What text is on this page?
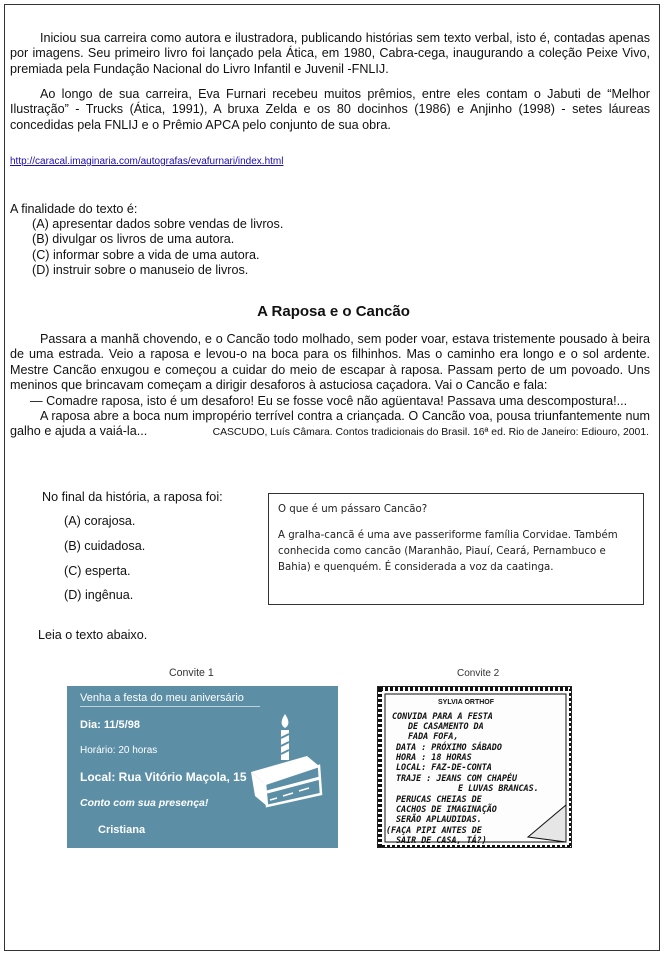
Iniciou sua carreira como autora e ilustradora, publicando histórias sem texto verbal, isto é, contadas apenas por imagens. Seu primeiro livro foi lançado pela Ática, em 1980, Cabra-cega, inaugurando a coleção Peixe Vivo, premiada pela Fundação Nacional do Livro Infantil e Juvenil -FNLIJ.
Ao longo de sua carreira, Eva Furnari recebeu muitos prêmios, entre eles contam o Jabuti de “Melhor Ilustração” - Trucks (Ática, 1991), A bruxa Zelda e os 80 docinhos (1986) e Anjinho (1998) - setes láureas concedidas pela FNLIJ e o Prêmio APCA pelo conjunto de sua obra.
http://caracal.imaginaria.com/autografas/evafurnari/index.html
A finalidade do texto é:
(A) apresentar dados sobre vendas de livros.
(B) divulgar os livros de uma autora.
(C) informar sobre a vida de uma autora.
(D) instruir sobre o manuseio de livros.
A Raposa e o Cancão

Passara a manhã chovendo, e o Cancão todo molhado, sem poder voar, estava tristemente pousado à beira de uma estrada. Veio a raposa e levou-o na boca para os filhinhos. Mas o caminho era longo e o sol ardente. Mestre Cancão enxugou e começou a cuidar do meio de escapar à raposa. Passam perto de um povoado. Uns meninos que brincavam começam a dirigir desaforos à astuciosa caçadora. Vai o Cancão e fala:

— Comadre raposa, isto é um desaforo! Eu se fosse você não agüentava! Passava uma descompostura!...

A raposa abre a boca num impropério terrível contra a criançada. O Cancão voa, pousa triunfantemente num galho e ajuda a vaiá-la...	CASCUDO, Luís Câmara. Contos tradicionais do Brasil. 16ª ed. Rio de Janeiro: Ediouro, 2001.
No final da história, a raposa foi:
(A) corajosa.
(B) cuidadosa.
(C) esperta.
(D) ingênua.
O que é um pássaro Cancão?
A gralha-cancã é uma ave passeriforme família Corvidae. Também conhecida como cancão (Maranhão, Piauí, Ceará, Pernambuco e Bahia) e quenquém. É considerada a voz da caatinga.
Leia o texto abaixo.
Convite 1	Convite 2
Venha a festa do meu aniversário
Dia: 11/5/98
Horário: 20 horas
Local: Rua Vitório Maçola, 15
Conto com sua presença!
Cristiana
SYLVIA ORTHOF
CONVIDA PARA A FESTA
DE CASAMENTO DA
FADA FOFA,
DATA : PRÓXIMO SÁBADO
HORA : 18 HORAS
LOCAL: FAZ-DE-CONTA
TRAJE : JEANS COM CHAPÉU
E LUVAS BRANCAS.
PERUCAS CHEIAS DE
CACHOS DE IMAGINAÇÃO
SERÃO APLAUDIDAS.
(FAÇA PIPI ANTES DE
SAIR DE CASA, TÁ?)
